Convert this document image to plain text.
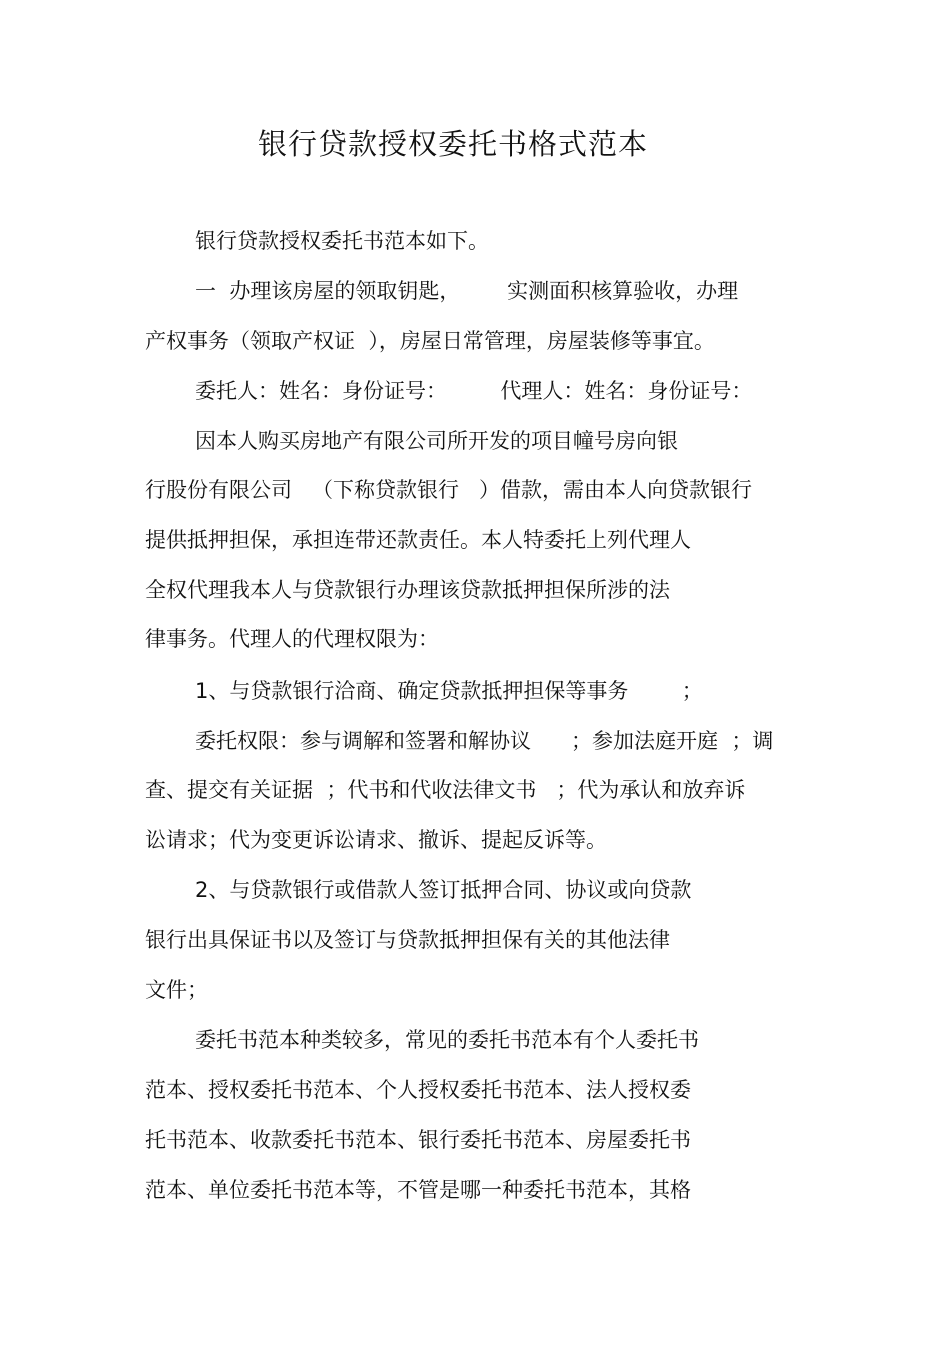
银行贷款授权委托书格式范本
银行贷款授权委托书范本如下。
一  办理该房屋的领取钥匙，       实测面积核算验收，办理
产权事务（领取产权证  ），房屋日常管理，房屋装修等事宜。
委托人：姓名：身份证号：        代理人：姓名：身份证号：
因本人购买房地产有限公司所开发的项目幢号房向银
行股份有限公司   （下称贷款银行   ）借款，需由本人向贷款银行
提供抵押担保，承担连带还款责任。本人特委托上列代理人
全权代理我本人与贷款银行办理该贷款抵押担保所涉的法
律事务。代理人的代理权限为：
1、与贷款银行洽商、确定贷款抵押担保等事务        ；
委托权限：参与调解和签署和解协议      ；参加法庭开庭  ；调
查、提交有关证据  ；代书和代收法律文书   ；代为承认和放弃诉
讼请求；代为变更诉讼请求、撤诉、提起反诉等。
2、与贷款银行或借款人签订抵押合同、协议或向贷款
银行出具保证书以及签订与贷款抵押担保有关的其他法律
文件；
委托书范本种类较多，常见的委托书范本有个人委托书
范本、授权委托书范本、个人授权委托书范本、法人授权委
托书范本、收款委托书范本、银行委托书范本、房屋委托书
范本、单位委托书范本等，不管是哪一种委托书范本，其格
